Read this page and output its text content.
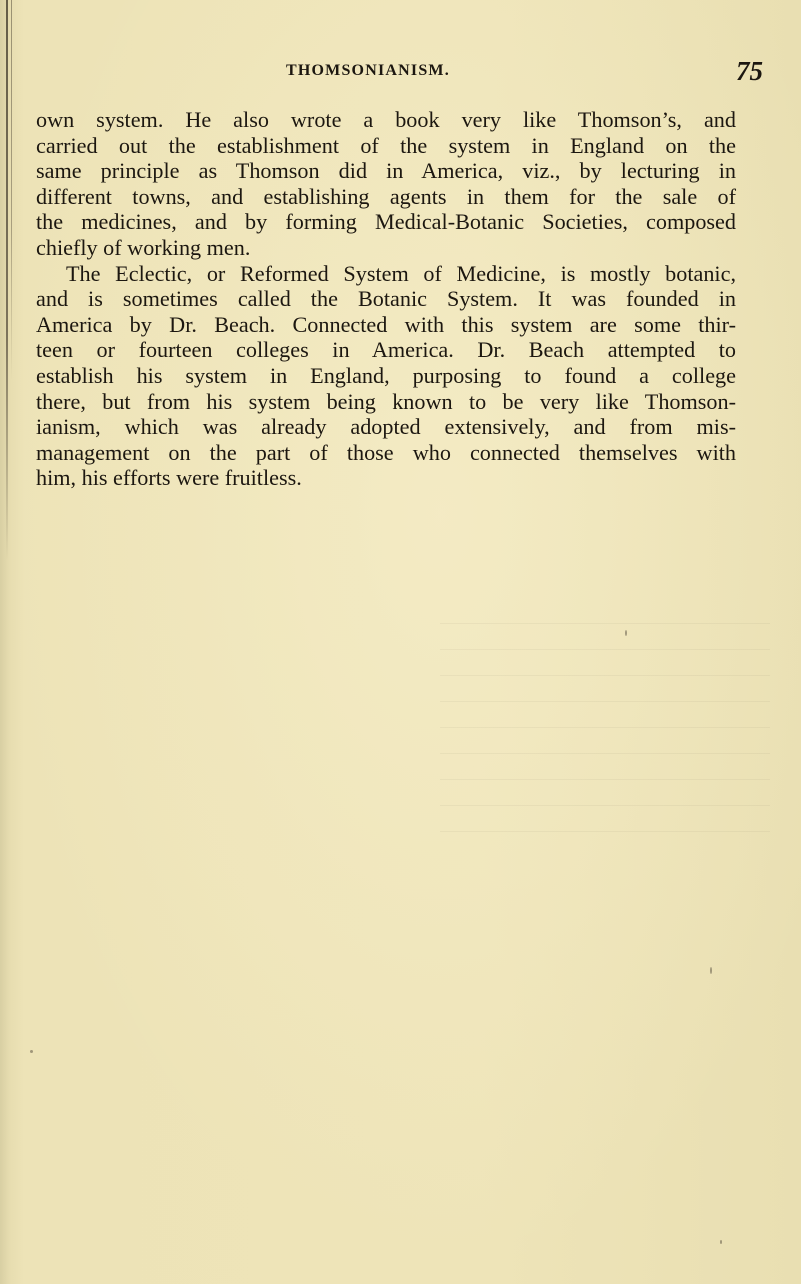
THOMSONIANISM.	75
own system. He also wrote a book very like Thomson’s, and
carried out the establishment of the system in England on the
same principle as Thomson did in America, viz., by lecturing in
different towns, and establishing agents in them for the sale of
the medicines, and by forming Medical-Botanic Societies, composed
chiefly of working men.
The Eclectic, or Reformed System of Medicine, is mostly botanic,
and is sometimes called the Botanic System. It was founded in
America by Dr. Beach. Connected with this system are some thir-
teen or fourteen colleges in America. Dr. Beach attempted to
establish his system in England, purposing to found a college
there, but from his system being known to be very like Thomson-
ianism, which was already adopted extensively, and from mis-
management on the part of those who connected themselves with
him, his efforts were fruitless.
